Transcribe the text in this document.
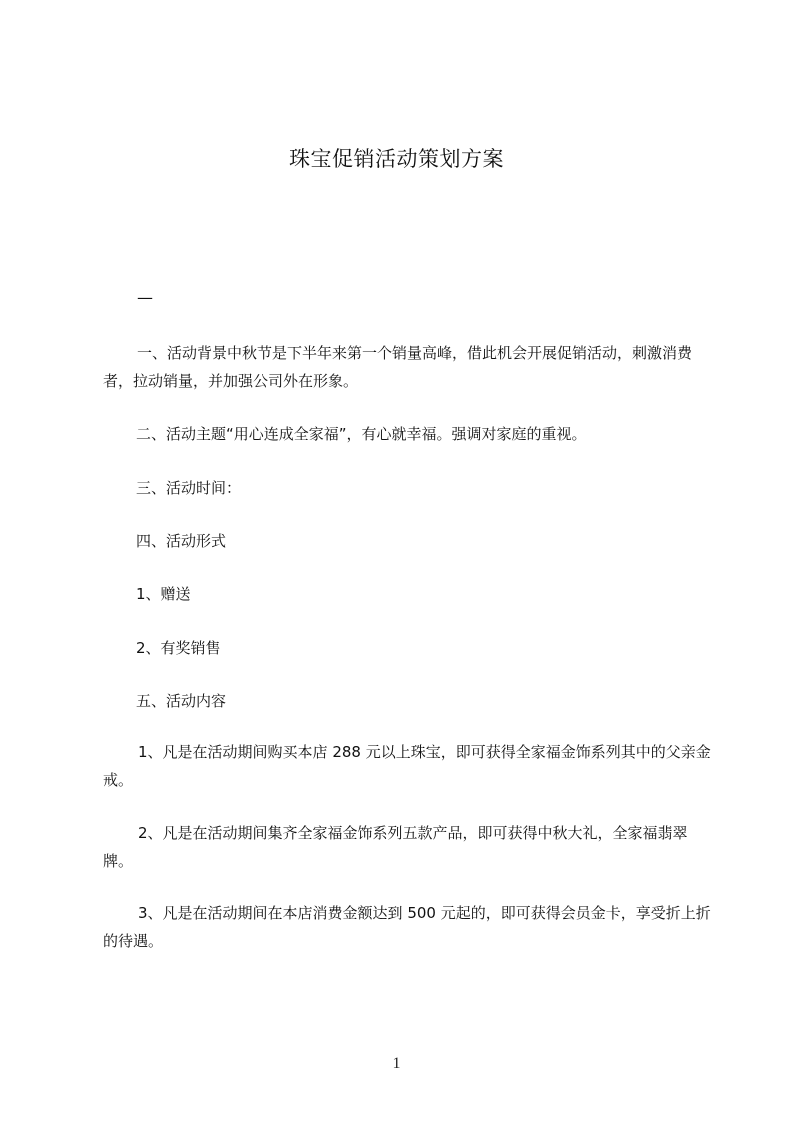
珠宝促销活动策划方案
—

一、活动背景中秋节是下半年来第一个销量高峰，借此机会开展促销活动，刺激消费者，拉动销量，并加强公司外在形象。

二、活动主题“用心连成全家福”，有心就幸福。强调对家庭的重视。

三、活动时间：

四、活动形式

1、赠送

2、有奖销售

五、活动内容

1、凡是在活动期间购买本店 288 元以上珠宝，即可获得全家福金饰系列其中的父亲金戒。

2、凡是在活动期间集齐全家福金饰系列五款产品，即可获得中秋大礼，全家福翡翠牌。

3、凡是在活动期间在本店消费金额达到 500 元起的，即可获得会员金卡，享受折上折的待遇。

1
